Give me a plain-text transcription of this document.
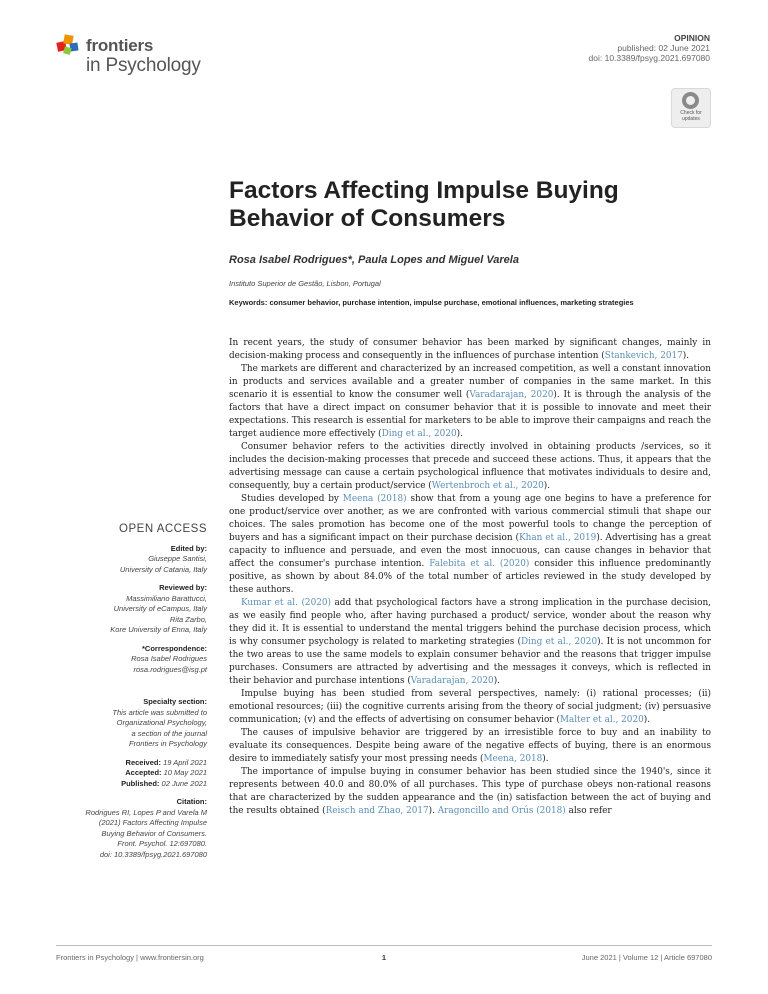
frontiers
in Psychology
OPINION
published: 02 June 2021
doi: 10.3389/fpsyg.2021.697080
Check for
updates
Factors Affecting Impulse Buying Behavior of Consumers
Rosa Isabel Rodrigues*, Paula Lopes and Miguel Varela
Instituto Superior de Gestão, Lisbon, Portugal
Keywords: consumer behavior, purchase intention, impulse purchase, emotional influences, marketing strategies

In recent years, the study of consumer behavior has been marked by significant changes, mainly in decision-making process and consequently in the influences of purchase intention (Stankevich, 2017).

The markets are different and characterized by an increased competition, as well a constant innovation in products and services available and a greater number of companies in the same market. In this scenario it is essential to know the consumer well (Varadarajan, 2020). It is through the analysis of the factors that have a direct impact on consumer behavior that it is possible to innovate and meet their expectations. This research is essential for marketers to be able to improve their campaigns and reach the target audience more effectively (Ding et al., 2020).

Consumer behavior refers to the activities directly involved in obtaining products /services, so it includes the decision-making processes that precede and succeed these actions. Thus, it appears that the advertising message can cause a certain psychological influence that motivates individuals to desire and, consequently, buy a certain product/service (Wertenbroch et al., 2020).

Studies developed by Meena (2018) show that from a young age one begins to have a preference for one product/service over another, as we are confronted with various commercial stimuli that shape our choices. The sales promotion has become one of the most powerful tools to change the perception of buyers and has a significant impact on their purchase decision (Khan et al., 2019). Advertising has a great capacity to influence and persuade, and even the most innocuous, can cause changes in behavior that affect the consumer's purchase intention. Falebita et al. (2020) consider this influence predominantly positive, as shown by about 84.0% of the total number of articles reviewed in the study developed by these authors.

Kumar et al. (2020) add that psychological factors have a strong implication in the purchase decision, as we easily find people who, after having purchased a product/ service, wonder about the reason why they did it. It is essential to understand the mental triggers behind the purchase decision process, which is why consumer psychology is related to marketing strategies (Ding et al., 2020). It is not uncommon for the two areas to use the same models to explain consumer behavior and the reasons that trigger impulse purchases. Consumers are attracted by advertising and the messages it conveys, which is reflected in their behavior and purchase intentions (Varadarajan, 2020).

Impulse buying has been studied from several perspectives, namely: (i) rational processes; (ii) emotional resources; (iii) the cognitive currents arising from the theory of social judgment; (iv) persuasive communication; (v) and the effects of advertising on consumer behavior (Malter et al., 2020).

The causes of impulsive behavior are triggered by an irresistible force to buy and an inability to evaluate its consequences. Despite being aware of the negative effects of buying, there is an enormous desire to immediately satisfy your most pressing needs (Meena, 2018).

The importance of impulse buying in consumer behavior has been studied since the 1940's, since it represents between 40.0 and 80.0% of all purchases. This type of purchase obeys non-rational reasons that are characterized by the sudden appearance and the (in) satisfaction between the act of buying and the results obtained (Reisch and Zhao, 2017). Aragoncillo and Orús (2018) also refer

OPEN ACCESS
Edited by:
Giuseppe Santisi,
University of Catania, Italy
Reviewed by:
Massimiliano Barattucci,
University of eCampus, Italy
Rita Zarbo,
Kore University of Enna, Italy
*Correspondence:
Rosa Isabel Rodrigues
rosa.rodrigues@isg.pt
Specialty section:
This article was submitted to
Organizational Psychology,
a section of the journal
Frontiers in Psychology
Received: 19 April 2021
Accepted: 10 May 2021
Published: 02 June 2021
Citation:
Rodrigues RI, Lopes P and Varela M
(2021) Factors Affecting Impulse
Buying Behavior of Consumers.
Front. Psychol. 12:697080.
doi: 10.3389/fpsyg.2021.697080
Frontiers in Psychology | www.frontiersin.org	1	June 2021 | Volume 12 | Article 697080
